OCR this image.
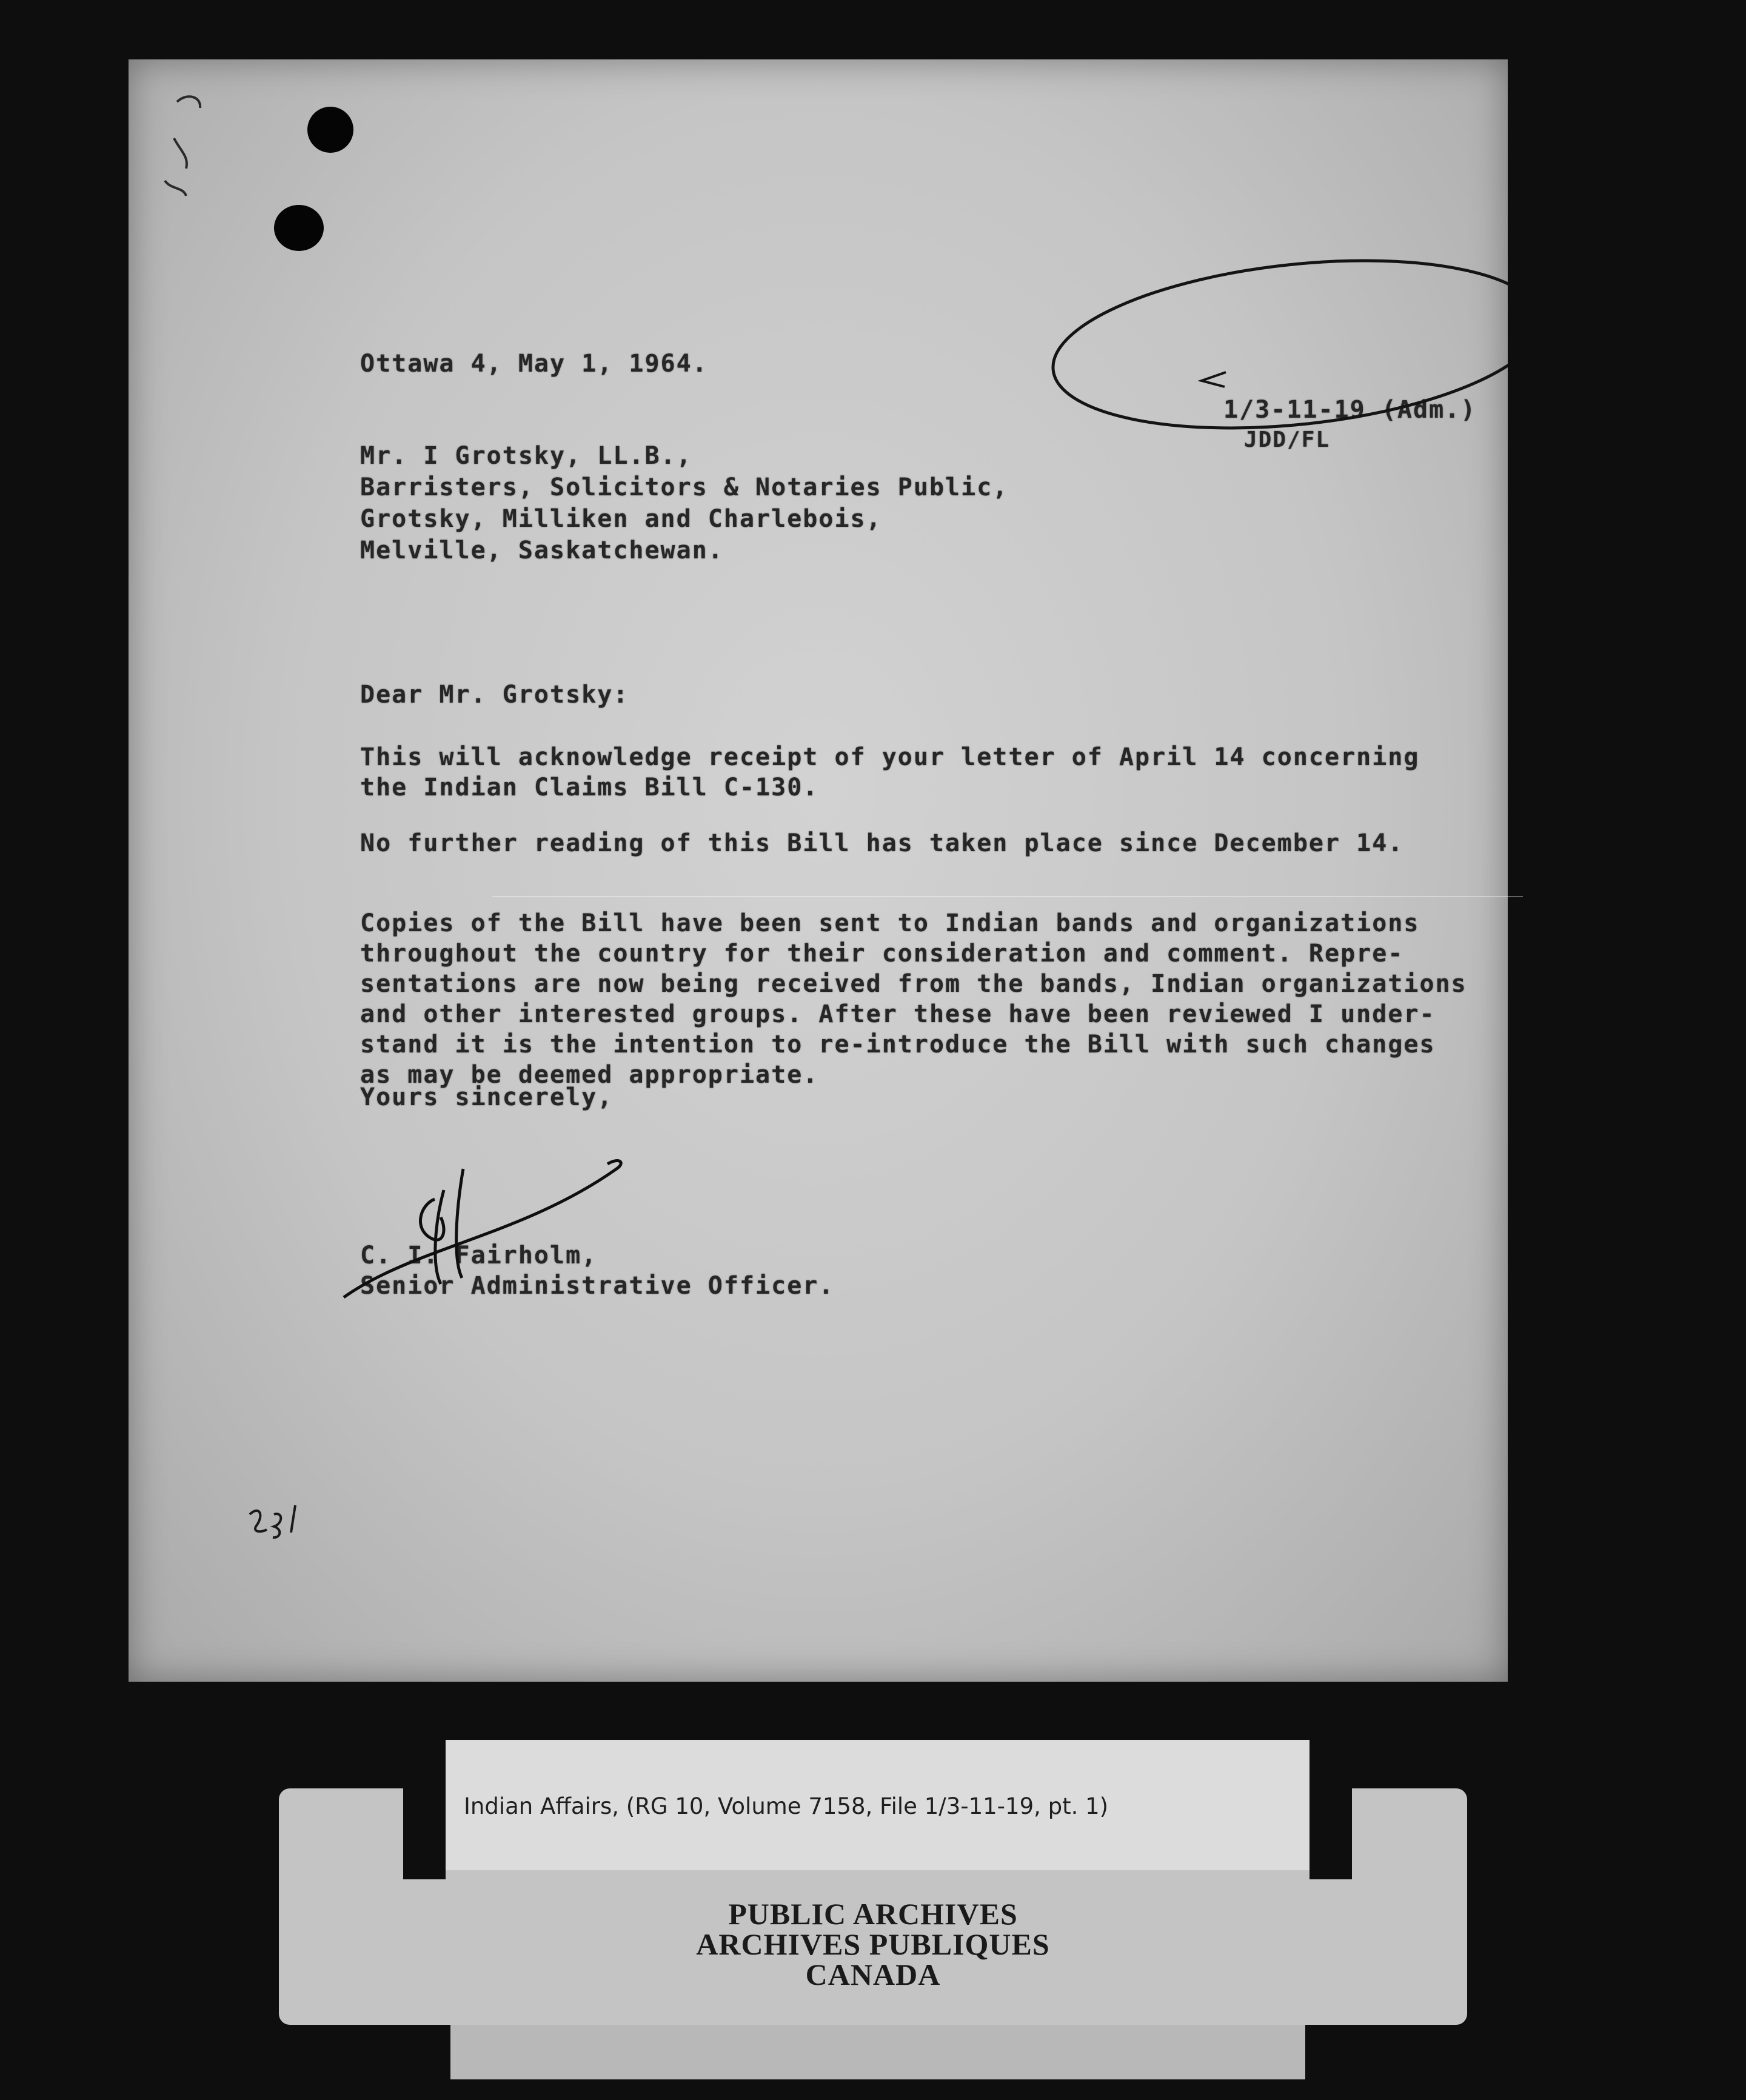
Ottawa 4, May 1, 1964.
1/3-11-19 (Adm.)
JDD/FL
Mr. I Grotsky, LL.B.,
Barristers, Solicitors & Notaries Public,
Grotsky, Milliken and Charlebois,
Melville, Saskatchewan.
Dear Mr. Grotsky:
This will acknowledge receipt of your letter of April 14 concerning
the Indian Claims Bill C-130.
No further reading of this Bill has taken place since December 14.
Copies of the Bill have been sent to Indian bands and organizations
throughout the country for their consideration and comment. Repre-
sentations are now being received from the bands, Indian organizations
and other interested groups. After these have been reviewed I under-
stand it is the intention to re-introduce the Bill with such changes
as may be deemed appropriate.
Yours sincerely,
C. I. Fairholm,
Senior Administrative Officer.
Indian Affairs, (RG 10, Volume 7158, File 1/3-11-19, pt. 1)
PUBLIC ARCHIVES
ARCHIVES PUBLIQUES
CANADA
